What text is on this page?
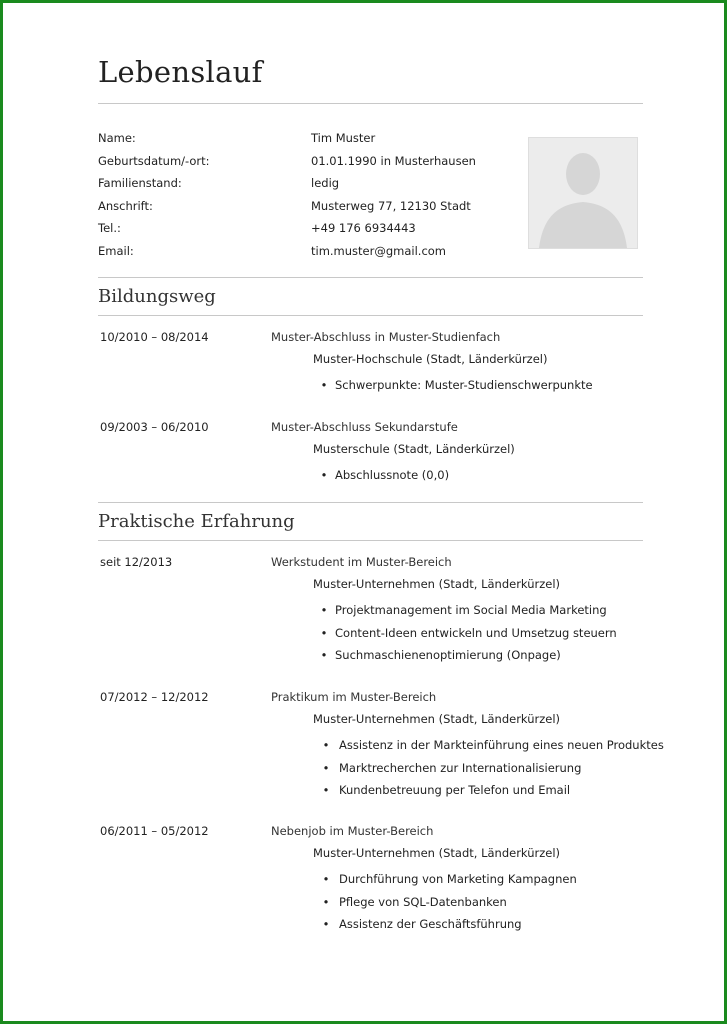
Lebenslauf
Name:	Tim Muster
Geburtsdatum/-ort:	01.01.1990 in Musterhausen
Familienstand:	ledig
Anschrift:	Musterweg 77, 12130 Stadt
Tel.:	+49 176 6934443
Email:	tim.muster@gmail.com
Bildungsweg
10/2010 – 08/2014	Muster-Abschluss in Muster-Studienfach
Muster-Hochschule (Stadt, Länderkürzel)
• Schwerpunkte: Muster-Studienschwerpunkte
09/2003 – 06/2010	Muster-Abschluss Sekundarstufe
Musterschule (Stadt, Länderkürzel)
• Abschlussnote (0,0)
Praktische Erfahrung
seit 12/2013	Werkstudent im Muster-Bereich
Muster-Unternehmen (Stadt, Länderkürzel)
• Projektmanagement im Social Media Marketing
• Content-Ideen entwickeln und Umsetzug steuern
• Suchmaschienenoptimierung (Onpage)
07/2012 – 12/2012	Praktikum im Muster-Bereich
Muster-Unternehmen (Stadt, Länderkürzel)
• Assistenz in der Markteinführung eines neuen Produktes
• Marktrecherchen zur Internationalisierung
• Kundenbetreuung per Telefon und Email
06/2011 – 05/2012	Nebenjob im Muster-Bereich
Muster-Unternehmen (Stadt, Länderkürzel)
• Durchführung von Marketing Kampagnen
• Pflege von SQL-Datenbanken
• Assistenz der Geschäftsführung
